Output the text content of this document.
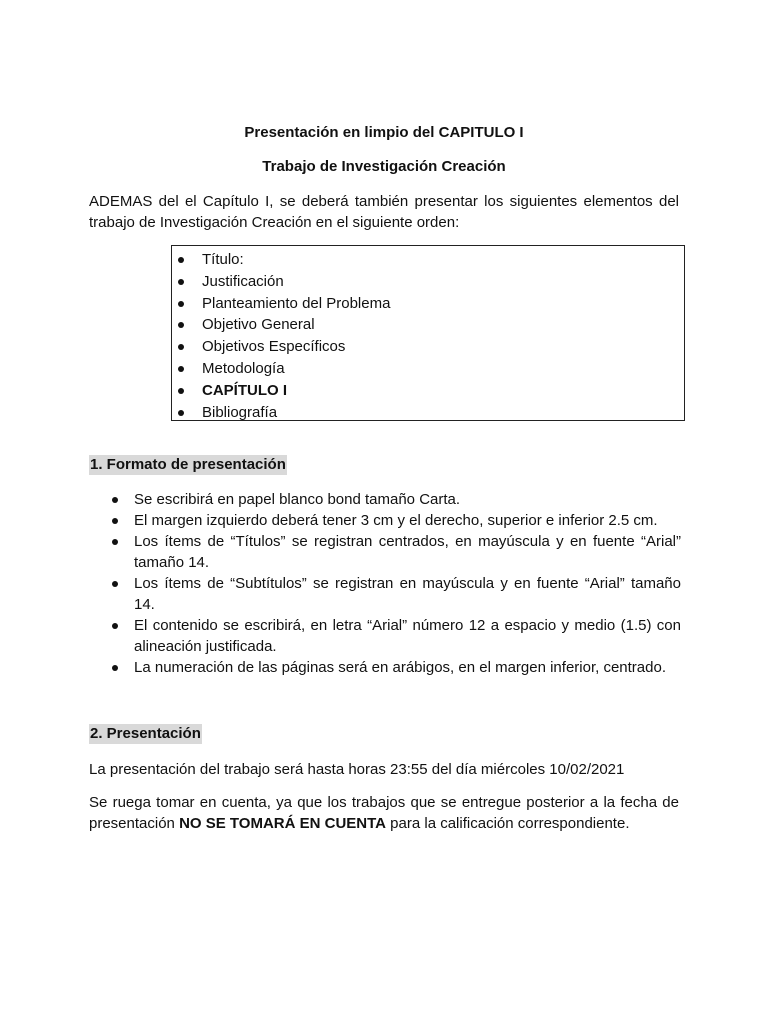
Presentación en limpio del CAPITULO I
Trabajo de Investigación Creación
ADEMAS del el Capítulo I, se deberá también presentar los siguientes elementos del
trabajo de Investigación Creación en el siguiente orden:
Título:
Justificación
Planteamiento del Problema
Objetivo General
Objetivos Específicos
Metodología
CAPÍTULO I
Bibliografía
1. Formato de presentación
Se escribirá en papel blanco bond tamaño Carta.
El margen izquierdo deberá tener 3 cm y el derecho, superior e inferior 2.5 cm.
Los ítems de “Títulos” se registran centrados, en mayúscula y en fuente “Arial”
tamaño 14.
Los ítems de “Subtítulos” se registran en mayúscula y en fuente “Arial” tamaño
14.
El contenido se escribirá, en letra “Arial” número 12 a espacio y medio (1.5) con
alineación justificada.
La numeración de las páginas será en arábigos, en el margen inferior, centrado.
2. Presentación
La presentación del trabajo será hasta horas 23:55 del día miércoles 10/02/2021
Se ruega tomar en cuenta, ya que los trabajos que se entregue posterior a la fecha de
presentación NO SE TOMARÁ EN CUENTA para la calificación correspondiente.
